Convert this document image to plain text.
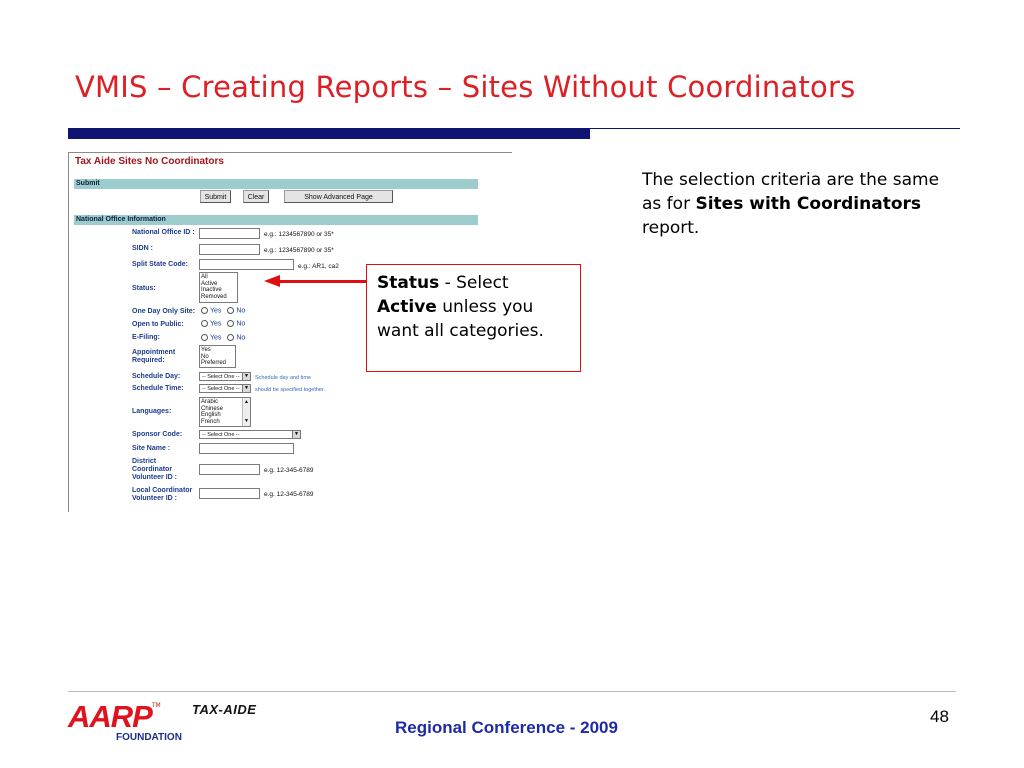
VMIS – Creating Reports – Sites Without Coordinators
Tax Aide Sites No Coordinators
Submit
Submit	Clear	Show Advanced Page
National Office Information
National Office ID :	e.g.: 1234567890 or 35*
SIDN :	e.g.: 1234567890 or 35*
Split State Code:	e.g.: AR1, ca2
Status:
All
Active
Inactive
Removed
One Day Only Site:	Yes No
Open to Public:	Yes No
E-Filing:	Yes No
Appointment
Required:
Yes
No
Preferred
Schedule Day:	-- Select One -- ▼ Schedule day and time
Schedule Time:	-- Select One -- ▼ should be specified together.
Languages:
Arabic
Chinese
English
French
▲
▼
Sponsor Code:	-- Select One --	▼
Site Name :
District
Coordinator
Volunteer ID :
e.g. 12-345-6789
Local Coordinator
Volunteer ID :
e.g. 12-345-6789
Status - Select Active unless you want all categories.
The selection criteria are the same as for Sites with Coordinators report.
AARP™
FOUNDATION
TAX-AIDE
Regional Conference - 2009
48
